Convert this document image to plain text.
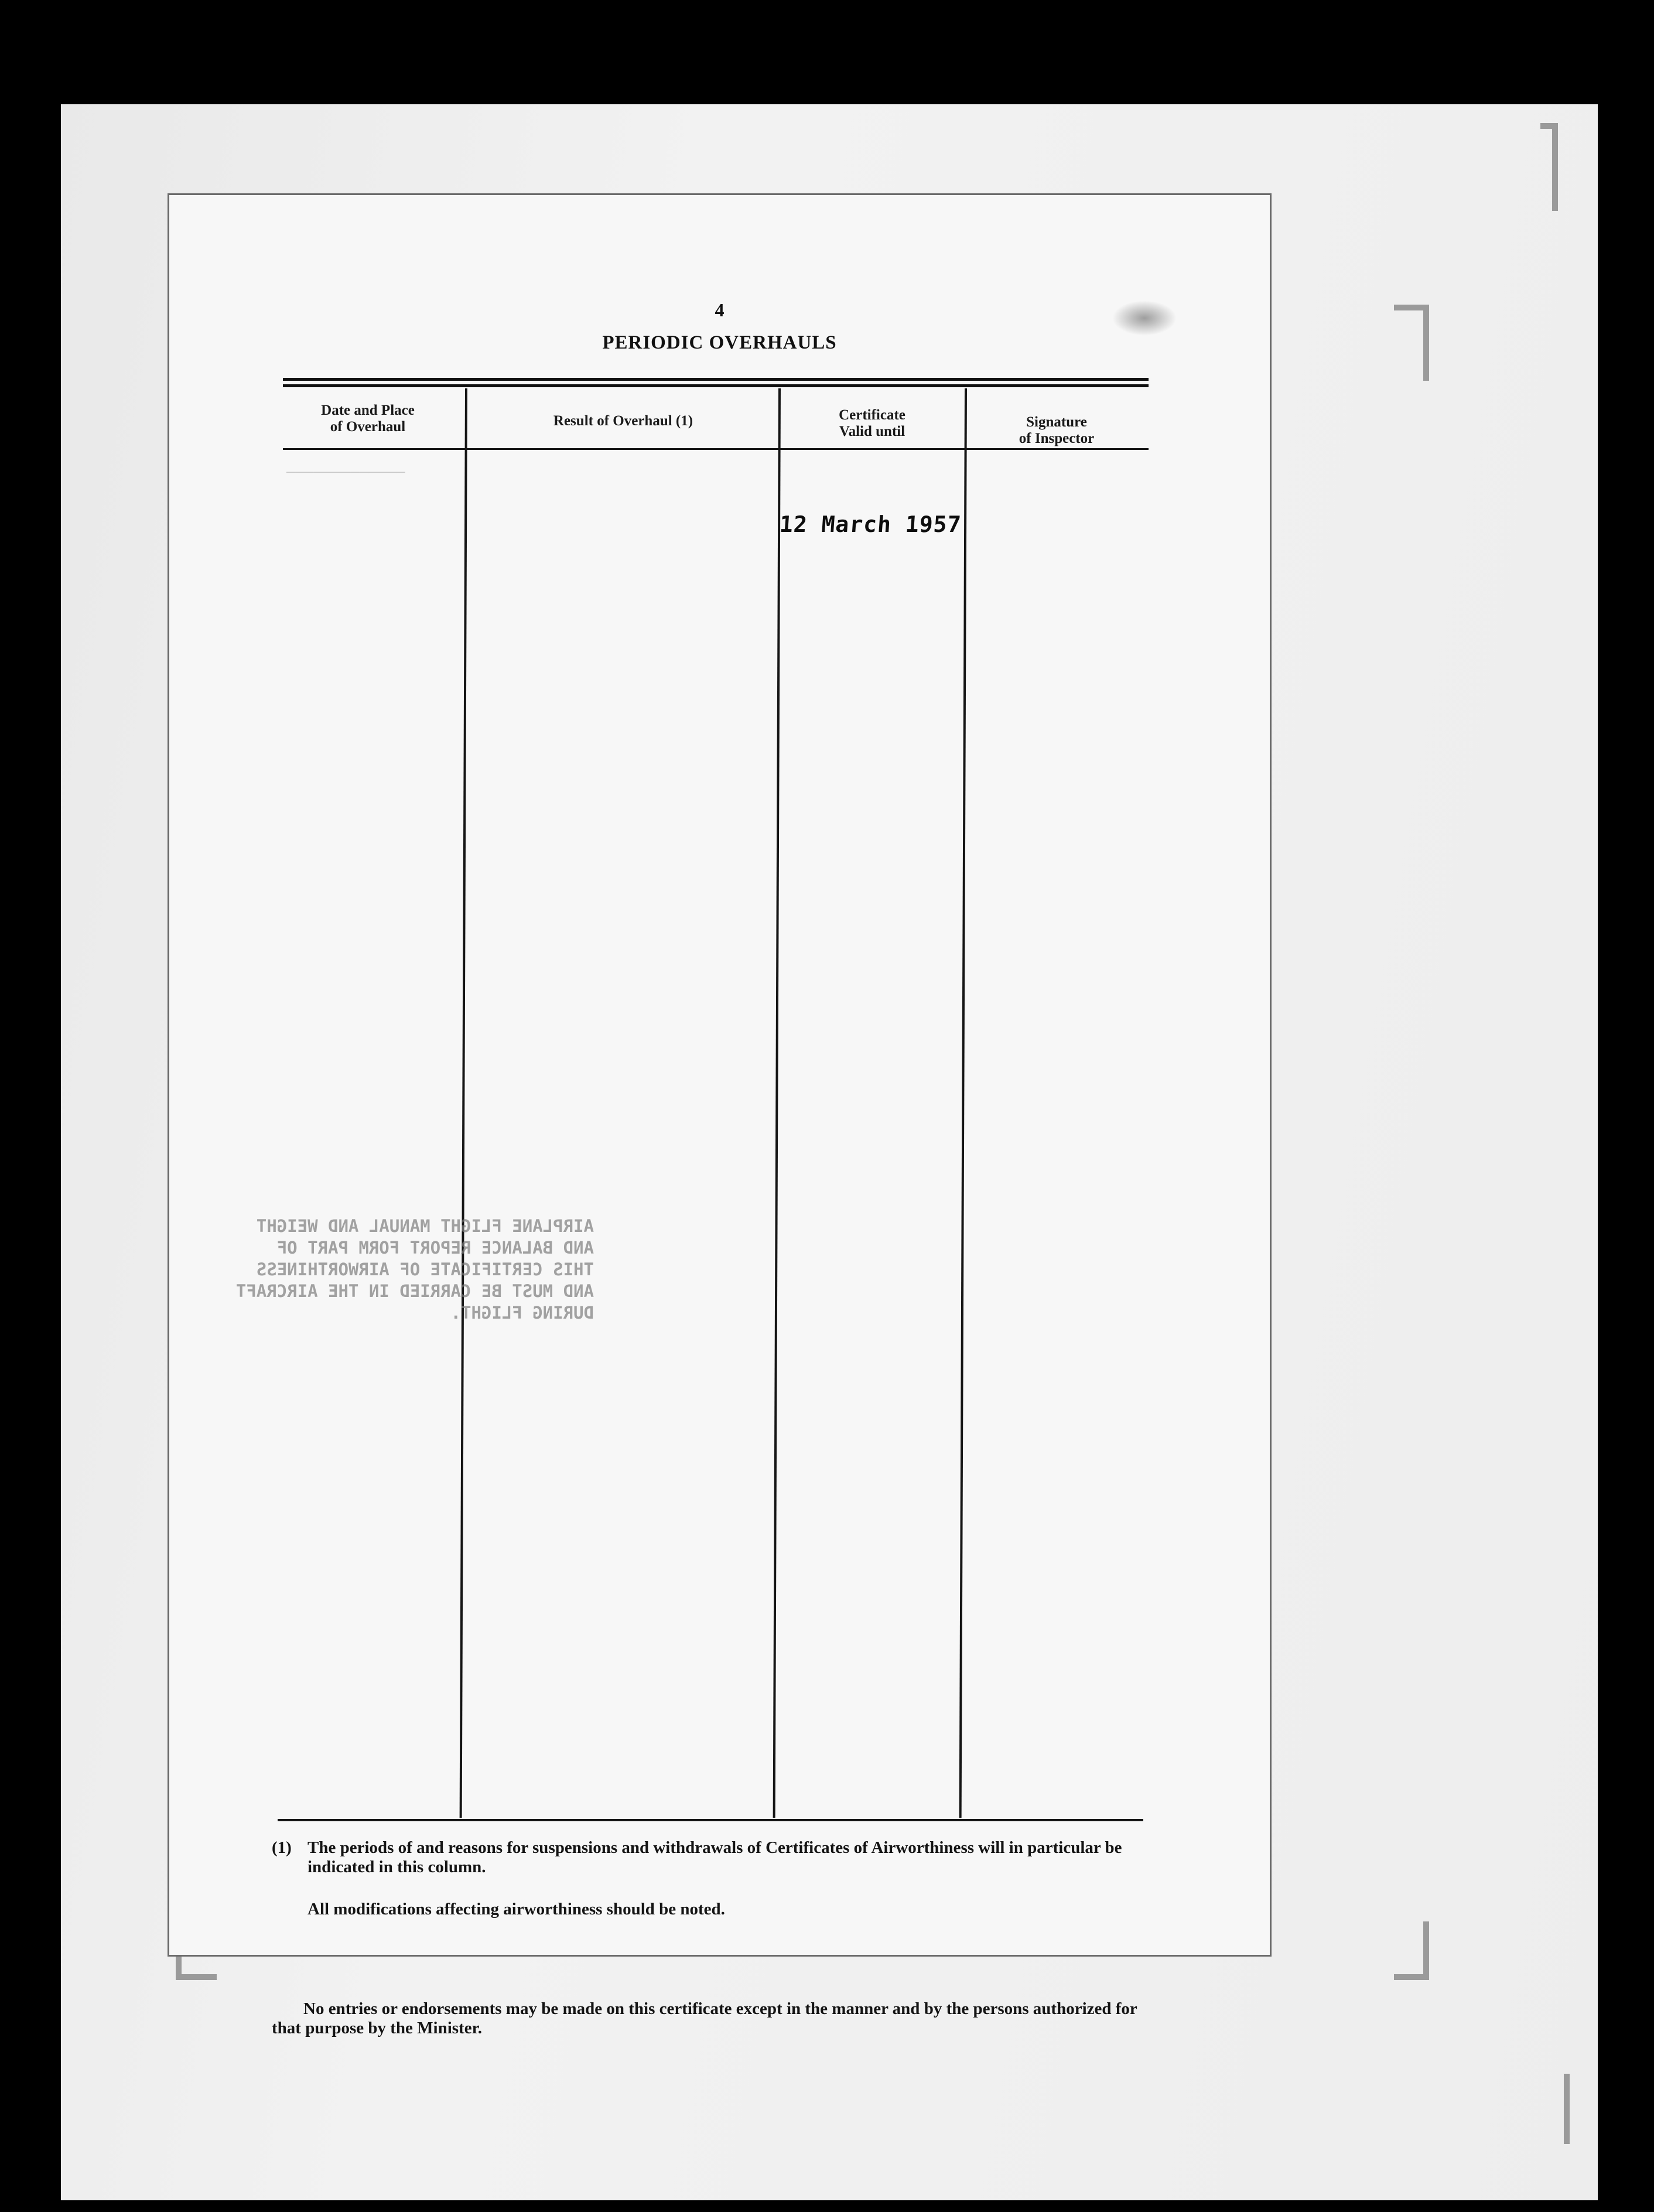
4
PERIODIC OVERHAULS
Date and Place
of Overhaul	Result of Overhaul (1)	Certificate
Valid until
Signature
of Inspector
12 March 1957
─────────────
AIRPLANE FLIGHT MANUAL AND WEIGHT
AND BALANCE REPORT FORM PART OF
THIS CERTIFICATE OF AIRWORTHINESS
AND MUST BE CARRIED IN THE AIRCRAFT
DURING FLIGHT.
(1) The periods of and reasons for suspensions and withdrawals of Certificates of Airworthiness will in particular be indicated in this column.
All modifications affecting airworthiness should be noted.
No entries or endorsements may be made on this certificate except in the manner and by the persons authorized for that purpose by the Minister.
